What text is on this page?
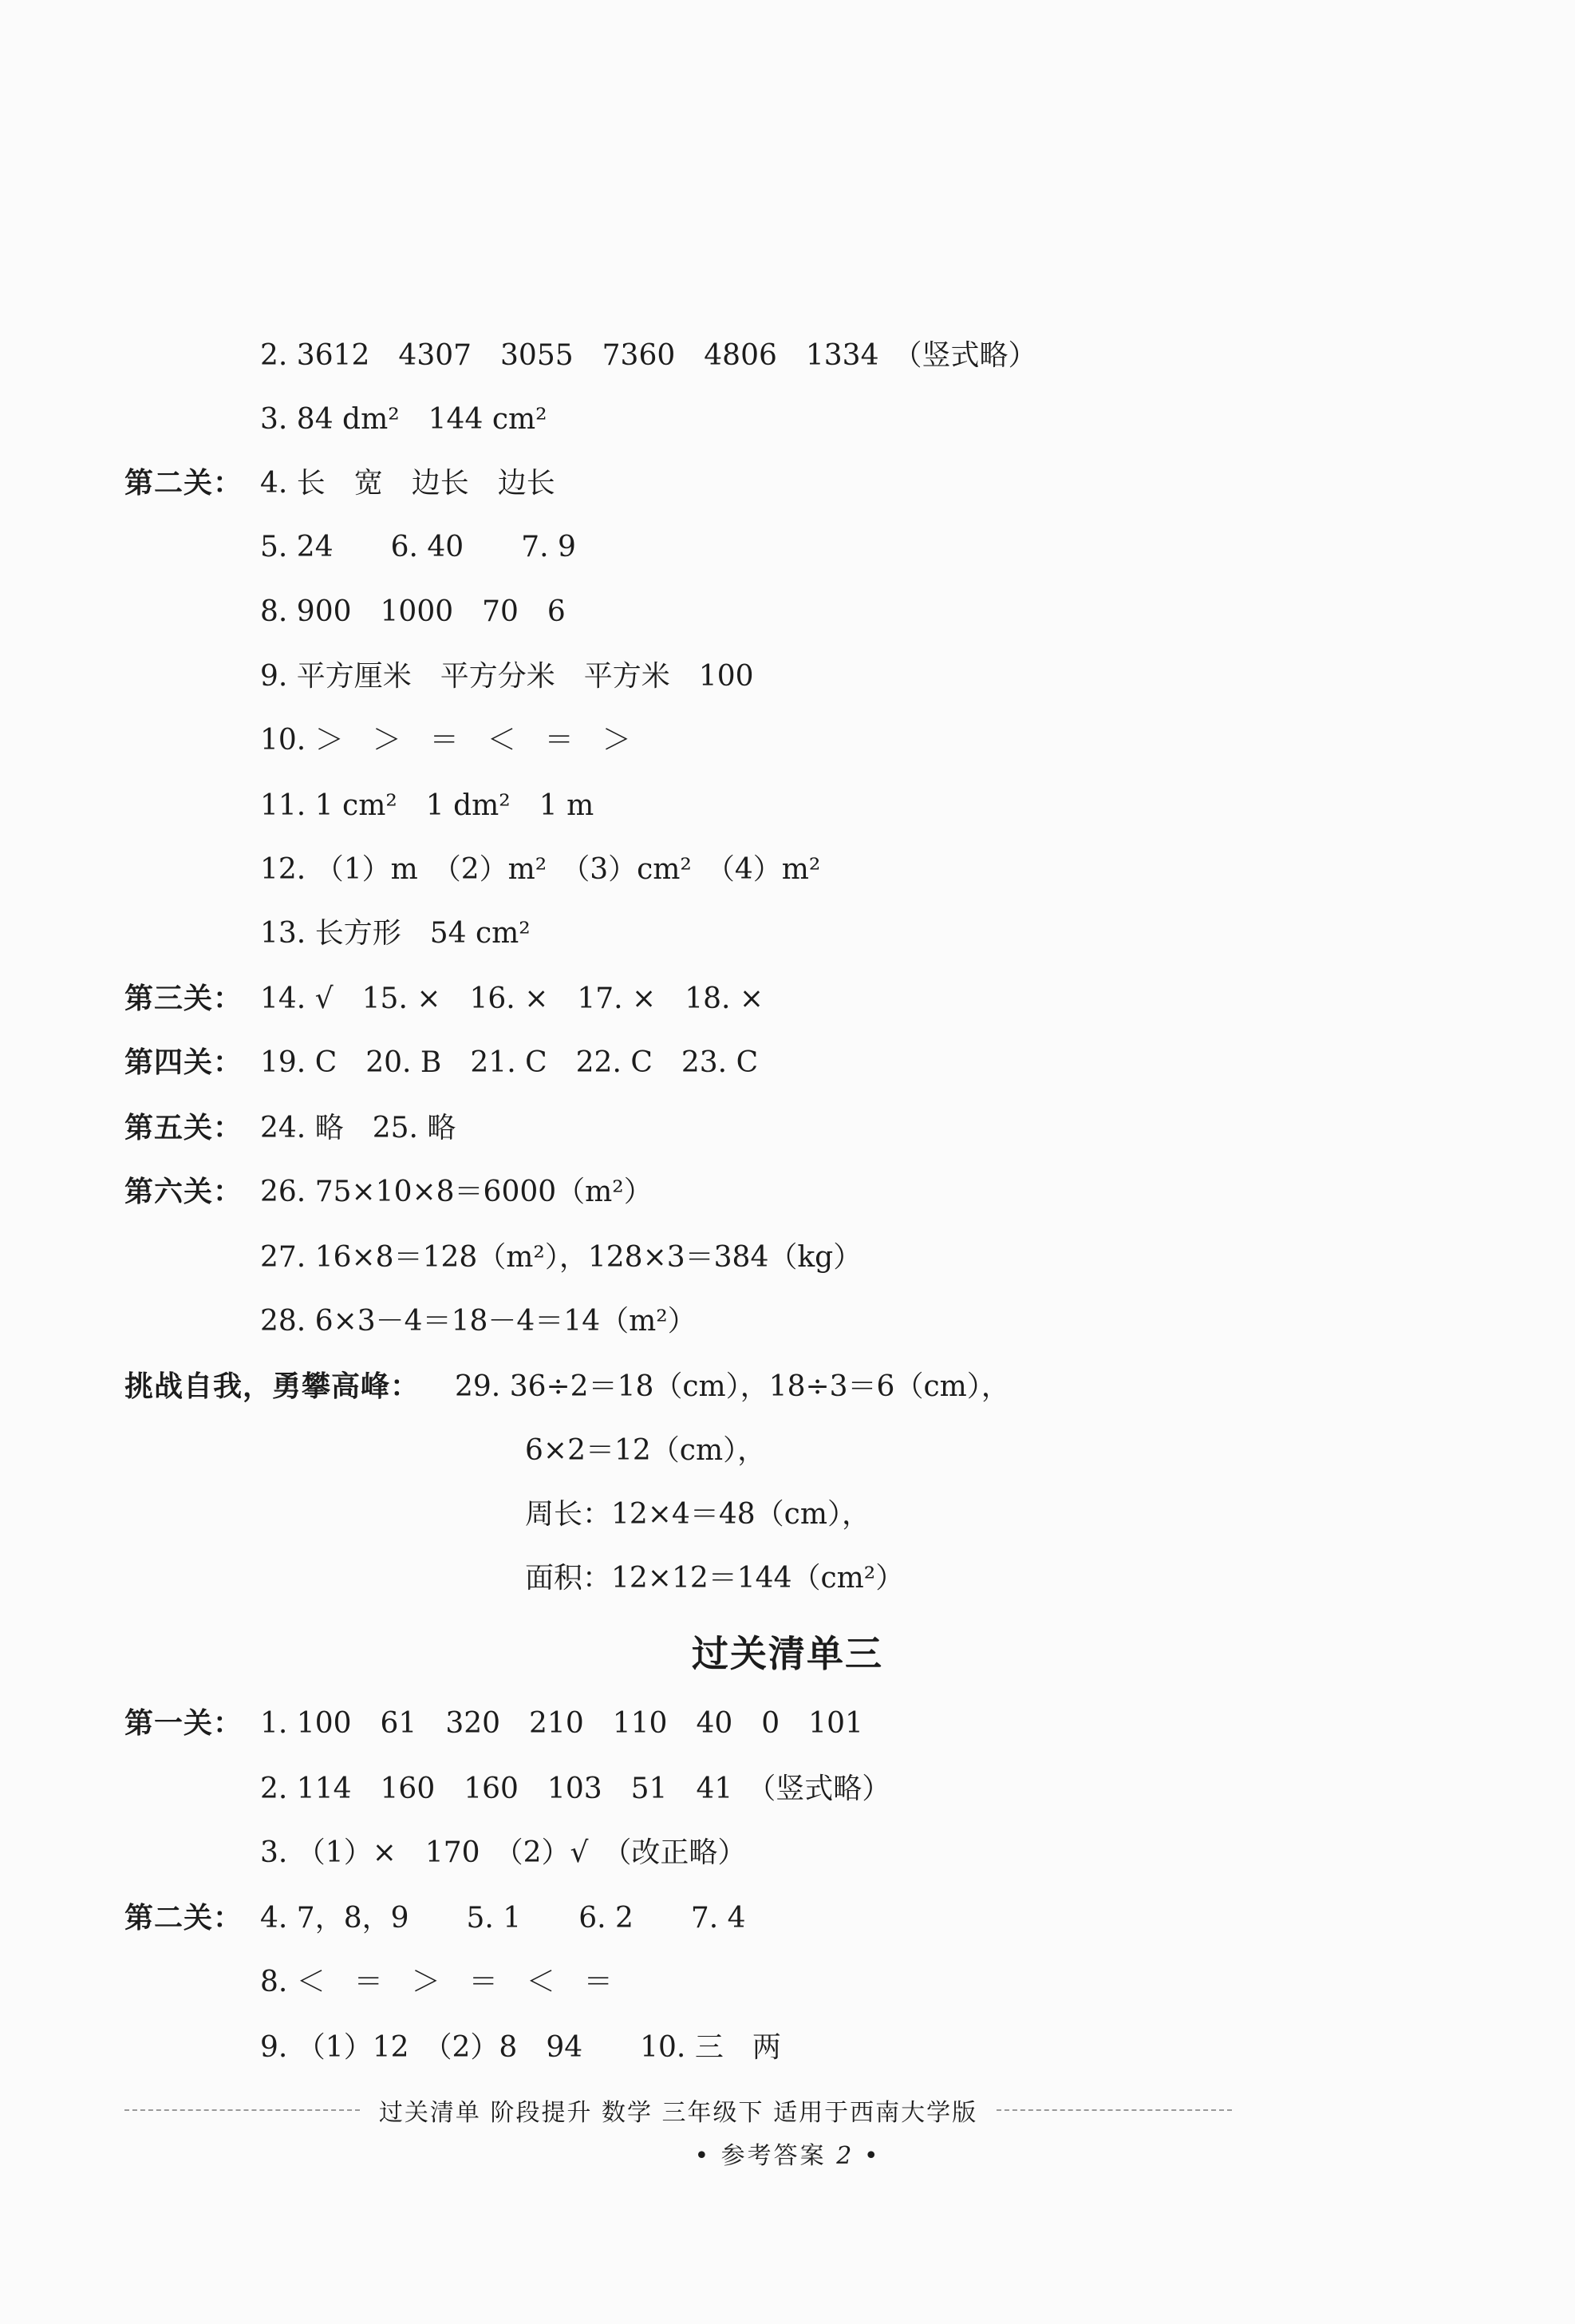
2. 3612　4307　3055　7360　4806　1334　（竖式略）
3. 84 dm²　144 cm²
第二关： 4. 长　宽　边长　边长
5. 24　　6. 40　　7. 9
8. 900　1000　70　6
9. 平方厘米　平方分米　平方米　100
10. ＞　＞　＝　＜　＝　＞
11. 1 cm²　1 dm²　1 m
12. （1）m　（2）m²　（3）cm²　（4）m²
13. 长方形　54 cm²
第三关： 14. √　15. ×　16. ×　17. ×　18. ×
第四关： 19. C　20. B　21. C　22. C　23. C
第五关： 24. 略　25. 略
第六关： 26. 75×10×8＝6000（m²）
27. 16×8＝128（m²），128×3＝384（kg）
28. 6×3－4＝18－4＝14（m²）
挑战自我，勇攀高峰： 29. 36÷2＝18（cm），18÷3＝6（cm），
6×2＝12（cm），
周长：12×4＝48（cm），
面积：12×12＝144（cm²）
过关清单三
第一关： 1. 100　61　320　210　110　40　0　101
2. 114　160　160　103　51　41　（竖式略）
3. （1）×　170　（2）√　（改正略）
第二关： 4. 7，8，9　　5. 1　　6. 2　　7. 4
8. ＜　＝　＞　＝　＜　＝
9. （1）12　（2）8　94　　10. 三　两
过关清单 阶段提升 数学 三年级下 适用于西南大学版
• 参考答案 2 •
